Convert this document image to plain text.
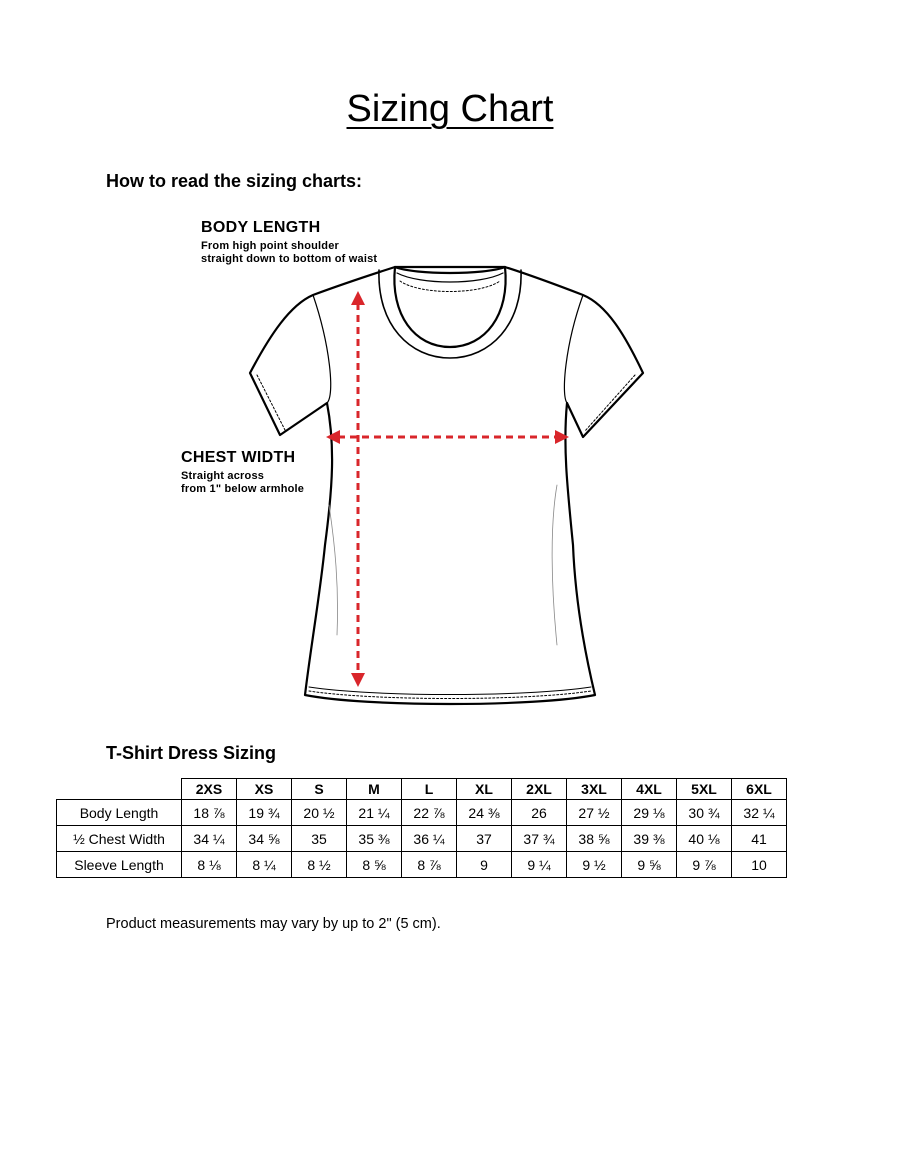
Sizing Chart
How to read the sizing charts:
BODY LENGTH
From high point shoulder
straight down to bottom of waist
CHEST WIDTH
Straight across
from 1" below armhole
T-Shirt Dress Sizing
	2XS	XS	S	M	L	XL	2XL	3XL	4XL	5XL	6XL
Body Length	18 ⅞	19 ¾	20 ½	21 ¼	22 ⅞	24 ⅜	26	27 ½	29 ⅛	30 ¾	32 ¼
½ Chest Width	34 ¼	34 ⅝	35	35 ⅜	36 ¼	37	37 ¾	38 ⅝	39 ⅜	40 ⅛	41
Sleeve Length	8 ⅛	8 ¼	8 ½	8 ⅝	8 ⅞	9	9 ¼	9 ½	9 ⅝	9 ⅞	10
Product measurements may vary by up to 2" (5 cm).
